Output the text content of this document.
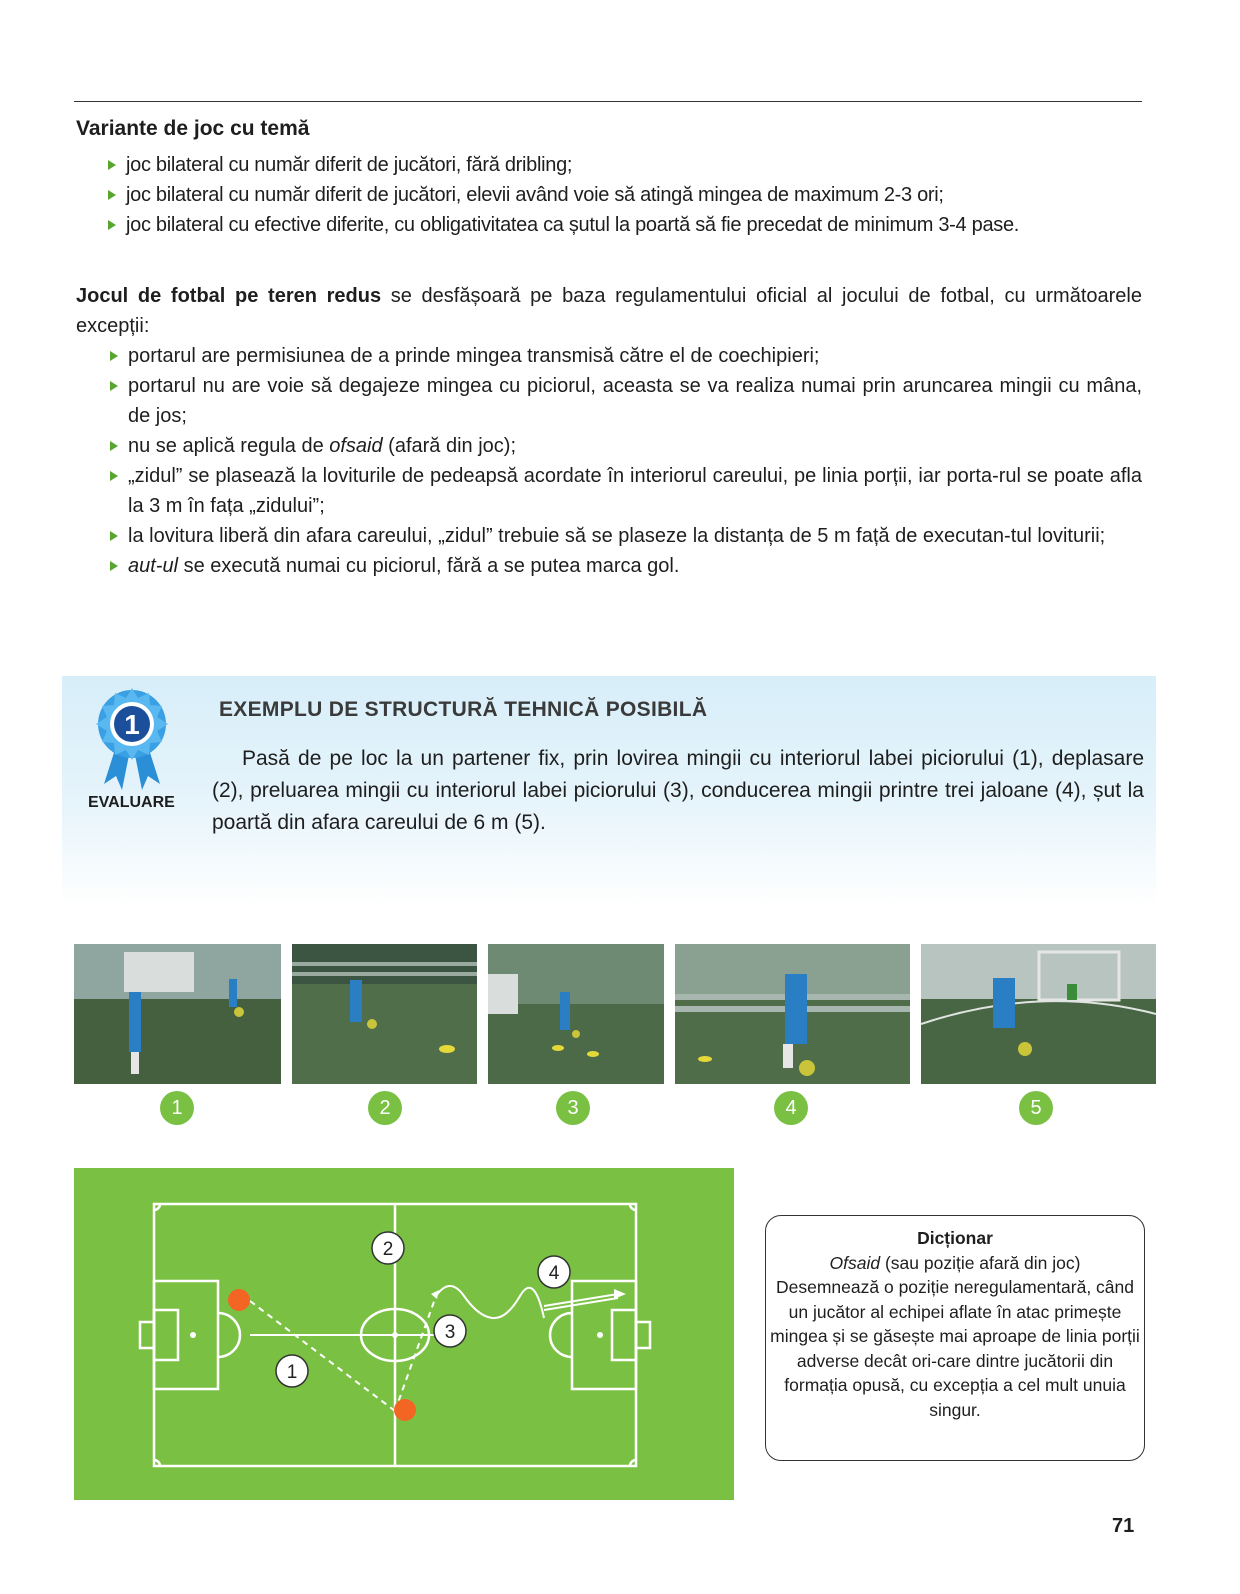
Variante de joc cu temă
joc bilateral cu număr diferit de jucători, fără dribling;
joc bilateral cu număr diferit de jucători, elevii având voie să atingă mingea de maximum 2-3 ori;
joc bilateral cu efective diferite, cu obligativitatea ca șutul la poartă să fie precedat de minimum 3-4 pase.
Jocul de fotbal pe teren redus se desfășoară pe baza regulamentului oficial al jocului de fotbal, cu următoarele excepții:
portarul are permisiunea de a prinde mingea transmisă către el de coechipieri;
portarul nu are voie să degajeze mingea cu piciorul, aceasta se va realiza numai prin aruncarea mingii cu mâna, de jos;
nu se aplică regula de ofsaid (afară din joc);
„zidul” se plasează la loviturile de pedeapsă acordate în interiorul careului, pe linia porții, iar porta-rul se poate afla la 3 m în fața „zidului”;
la lovitura liberă din afara careului, „zidul” trebuie să se plaseze la distanța de 5 m față de executan-tul loviturii;
aut-ul se execută numai cu piciorul, fără a se putea marca gol.
1
EVALUARE
EXEMPLU DE STRUCTURĂ TEHNICĂ POSIBILĂ
Pasă de pe loc la un partener fix, prin lovirea mingii cu interiorul labei piciorului (1), deplasare (2), preluarea mingii cu interiorul labei piciorului (3), conducerea mingii printre trei jaloane (4), șut la poartă din afara careului de 6 m (5).
1	2	3	4	5
1
2
3
4
Dicționar
Ofsaid (sau poziție afară din joc)
Desemnează o poziție neregulamentară, când un jucător al echipei aflate în atac primește mingea și se găsește mai aproape de linia porții adverse decât ori-care dintre jucătorii din formația opusă, cu excepția a cel mult unuia singur.
71
